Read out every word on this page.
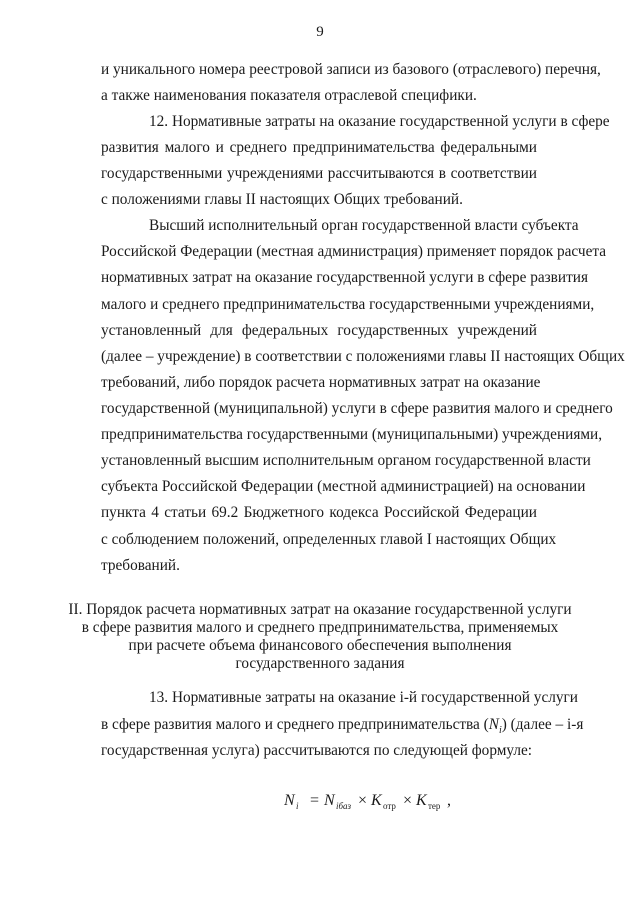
9
и уникального номера реестровой записи из базового (отраслевого) перечня,
а также наименования показателя отраслевой специфики.
12. Нормативные затраты на оказание государственной услуги в сфере
развития малого и среднего предпринимательства федеральными
государственными учреждениями рассчитываются в соответствии
с положениями главы II настоящих Общих требований.
Высший исполнительный орган государственной власти субъекта
Российской Федерации (местная администрация) применяет порядок расчета
нормативных затрат на оказание государственной услуги в сфере развития
малого и среднего предпринимательства государственными учреждениями,
установленный для федеральных государственных учреждений
(далее – учреждение) в соответствии с положениями главы II настоящих Общих
требований, либо порядок расчета нормативных затрат на оказание
государственной (муниципальной) услуги в сфере развития малого и среднего
предпринимательства государственными (муниципальными) учреждениями,
установленный высшим исполнительным органом государственной власти
субъекта Российской Федерации (местной администрацией) на основании
пункта 4 статьи 69.2 Бюджетного кодекса Российской Федерации
с соблюдением положений, определенных главой I настоящих Общих
требований.
II. Порядок расчета нормативных затрат на оказание государственной услуги
в сфере развития малого и среднего предпринимательства, применяемых
при расчете объема финансового обеспечения выполнения
государственного задания
13. Нормативные затраты на оказание i-й государственной услуги
в сфере развития малого и среднего предпринимательства $(N_i)$ (далее – i-я
государственная услуга) рассчитываются по следующей формуле:
N i = N iбаз × K отр × K тер ,
